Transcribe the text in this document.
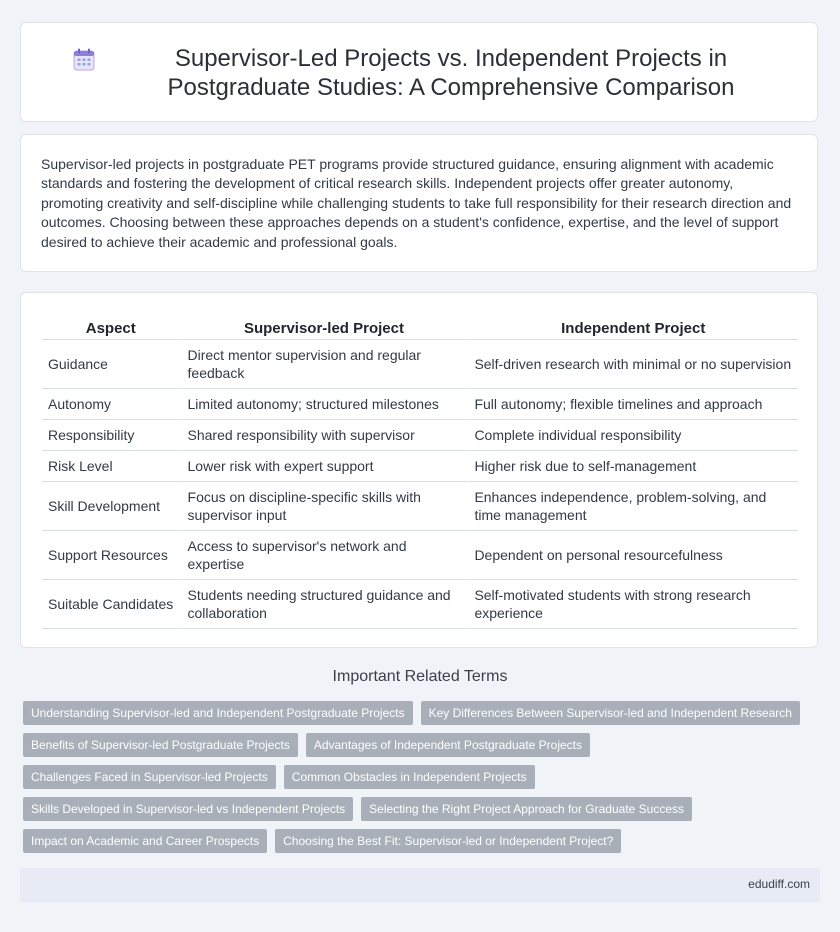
Supervisor-Led Projects vs. Independent Projects in Postgraduate Studies: A Comprehensive Comparison

Supervisor-led projects in postgraduate PET programs provide structured guidance, ensuring alignment with academic standards and fostering the development of critical research skills. Independent projects offer greater autonomy, promoting creativity and self-discipline while challenging students to take full responsibility for their research direction and outcomes. Choosing between these approaches depends on a student's confidence, expertise, and the level of support desired to achieve their academic and professional goals.

Aspect	Supervisor-led Project	Independent Project
Guidance	Direct mentor supervision and regular feedback	Self-driven research with minimal or no supervision
Autonomy	Limited autonomy; structured milestones	Full autonomy; flexible timelines and approach
Responsibility	Shared responsibility with supervisor	Complete individual responsibility
Risk Level	Lower risk with expert support	Higher risk due to self-management
Skill Development	Focus on discipline-specific skills with supervisor input	Enhances independence, problem-solving, and time management
Support Resources	Access to supervisor's network and expertise	Dependent on personal resourcefulness
Suitable Candidates	Students needing structured guidance and collaboration	Self-motivated students with strong research experience
Important Related Terms
Understanding Supervisor-led and Independent Postgraduate Projects	Key Differences Between Supervisor-led and Independent Research
Benefits of Supervisor-led Postgraduate Projects	Advantages of Independent Postgraduate Projects
Challenges Faced in Supervisor-led Projects	Common Obstacles in Independent Projects
Skills Developed in Supervisor-led vs Independent Projects	Selecting the Right Project Approach for Graduate Success
Impact on Academic and Career Prospects	Choosing the Best Fit: Supervisor-led or Independent Project?
edudiff.com
